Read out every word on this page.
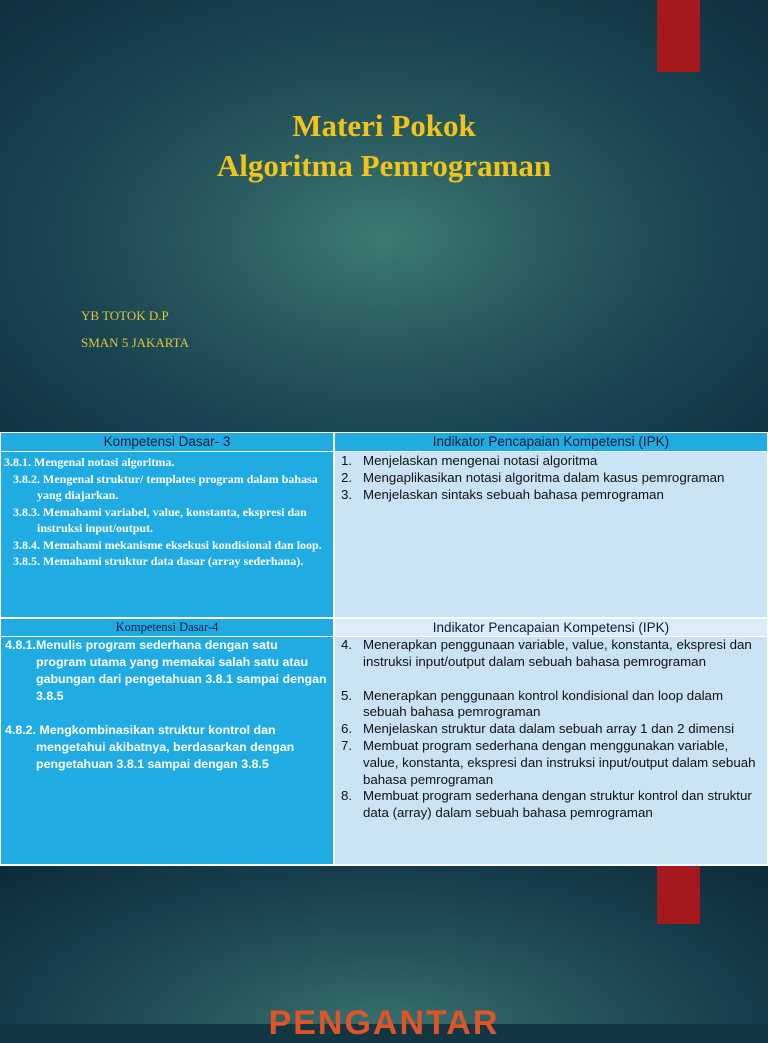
Materi Pokok
Algoritma Pemrograman
YB TOTOK D.P
SMAN 5 JAKARTA
Kompetensi Dasar- 3	Indikator Pencapaian Kompetensi (IPK)
3.8.1. Mengenal notasi algoritma.
3.8.2. Mengenal struktur/ templates program dalam bahasa yang diajarkan.
3.8.3. Memahami variabel, value, konstanta, ekspresi dan instruksi input/output.
3.8.4. Memahami mekanisme eksekusi kondisional dan loop.
3.8.5. Memahami struktur data dasar (array sederhana).
1. Menjelaskan mengenai notasi algoritma
2. Mengaplikasikan notasi algoritma dalam kasus pemrograman
3. Menjelaskan sintaks sebuah bahasa pemrograman
Kompetensi Dasar-4	Indikator Pencapaian Kompetensi (IPK)
4.8.1.Menulis program sederhana dengan satu program utama yang memakai salah satu atau gabungan dari pengetahuan 3.8.1 sampai dengan 3.8.5
4.8.2. Mengkombinasikan struktur kontrol dan mengetahui akibatnya, berdasarkan dengan pengetahuan 3.8.1 sampai dengan 3.8.5
4. Menerapkan penggunaan variable, value, konstanta, ekspresi dan instruksi input/output dalam sebuah bahasa pemrograman
5. Menerapkan penggunaan kontrol kondisional dan loop dalam sebuah bahasa pemrograman
6. Menjelaskan struktur data dalam sebuah array 1 dan 2 dimensi
7. Membuat program sederhana dengan menggunakan variable, value, konstanta, ekspresi dan instruksi input/output dalam sebuah bahasa pemrograman
8. Membuat program sederhana dengan struktur kontrol dan struktur data (array) dalam sebuah bahasa pemrograman
PENGANTAR
